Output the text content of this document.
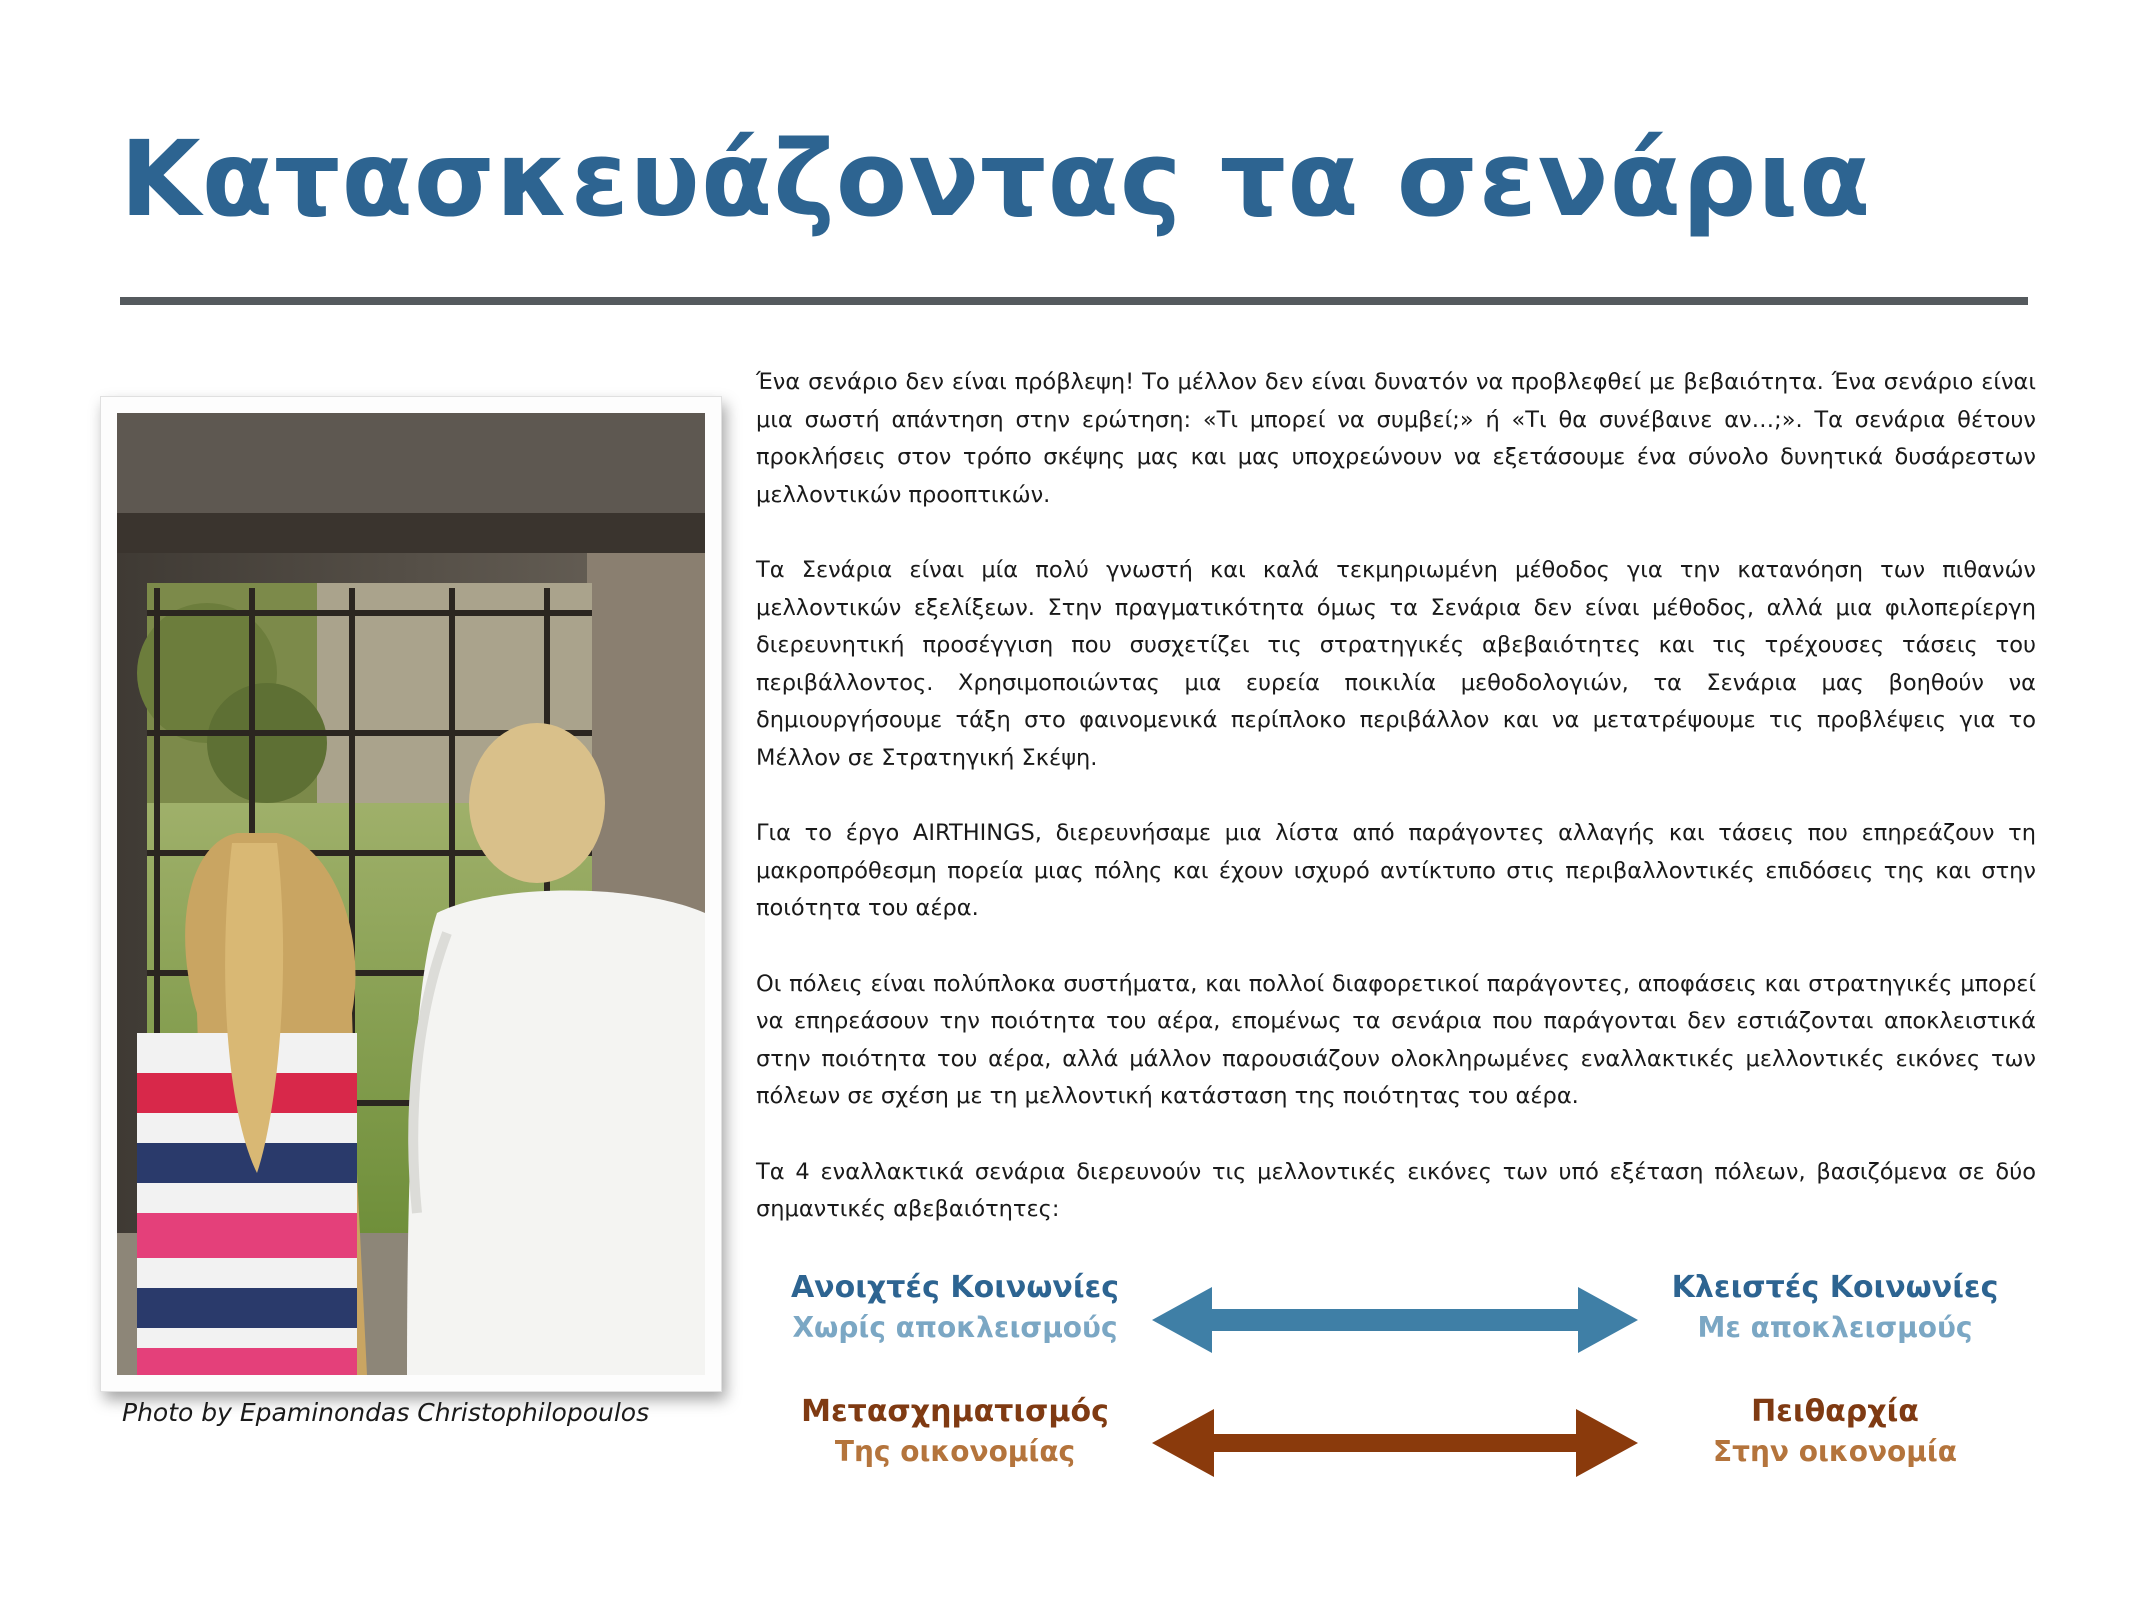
Κατασκευάζοντας τα σενάρια
Photo by Epaminondas Christophilopoulos

Ένα σενάριο δεν είναι πρόβλεψη! Το μέλλον δεν είναι δυνατόν να προβλεφθεί με βεβαιότητα. Ένα σενάριο είναι μια σωστή απάντηση στην ερώτηση: «Τι μπορεί να συμβεί;» ή «Τι θα συνέβαινε αν…;». Τα σενάρια θέτουν προκλήσεις στον τρόπο σκέψης μας και μας υποχρεώνουν να εξετάσουμε ένα σύνολο δυνητικά δυσάρεστων μελλοντικών προοπτικών.

Τα Σενάρια είναι μία πολύ γνωστή και καλά τεκμηριωμένη μέθοδος για την κατανόηση των πιθανών μελλοντικών εξελίξεων. Στην πραγματικότητα όμως τα Σενάρια δεν είναι μέθοδος, αλλά μια φιλοπερίεργη διερευνητική προσέγγιση που συσχετίζει τις στρατηγικές αβεβαιότητες και τις τρέχουσες τάσεις του περιβάλλοντος. Χρησιμοποιώντας μια ευρεία ποικιλία μεθοδολογιών, τα Σενάρια μας βοηθούν να δημιουργήσουμε τάξη στο φαινομενικά περίπλοκο περιβάλλον και να μετατρέψουμε τις προβλέψεις για το Μέλλον σε Στρατηγική Σκέψη.

Για το έργο AIRTHINGS, διερευνήσαμε μια λίστα από παράγοντες αλλαγής και τάσεις που επηρεάζουν τη μακροπρόθεσμη πορεία μιας πόλης και έχουν ισχυρό αντίκτυπο στις περιβαλλοντικές επιδόσεις της και στην ποιότητα του αέρα.

Οι πόλεις είναι πολύπλοκα συστήματα, και πολλοί διαφορετικοί παράγοντες, αποφάσεις και στρατηγικές μπορεί να επηρεάσουν την ποιότητα του αέρα, επομένως τα σενάρια που παράγονται δεν εστιάζονται αποκλειστικά στην ποιότητα του αέρα, αλλά μάλλον παρουσιάζουν ολοκληρωμένες εναλλακτικές μελλοντικές εικόνες των πόλεων σε σχέση με τη μελλοντική κατάσταση της ποιότητας του αέρα.

Τα 4 εναλλακτικά σενάρια διερευνούν τις μελλοντικές εικόνες των υπό εξέταση πόλεων, βασιζόμενα σε δύο σημαντικές αβεβαιότητες:

Ανοιχτές Κοινωνίες
Χωρίς αποκλεισμούς
Κλειστές Κοινωνίες
Με αποκλεισμούς
Μετασχηματισμός
Της οικονομίας
Πειθαρχία
Στην οικονομία
